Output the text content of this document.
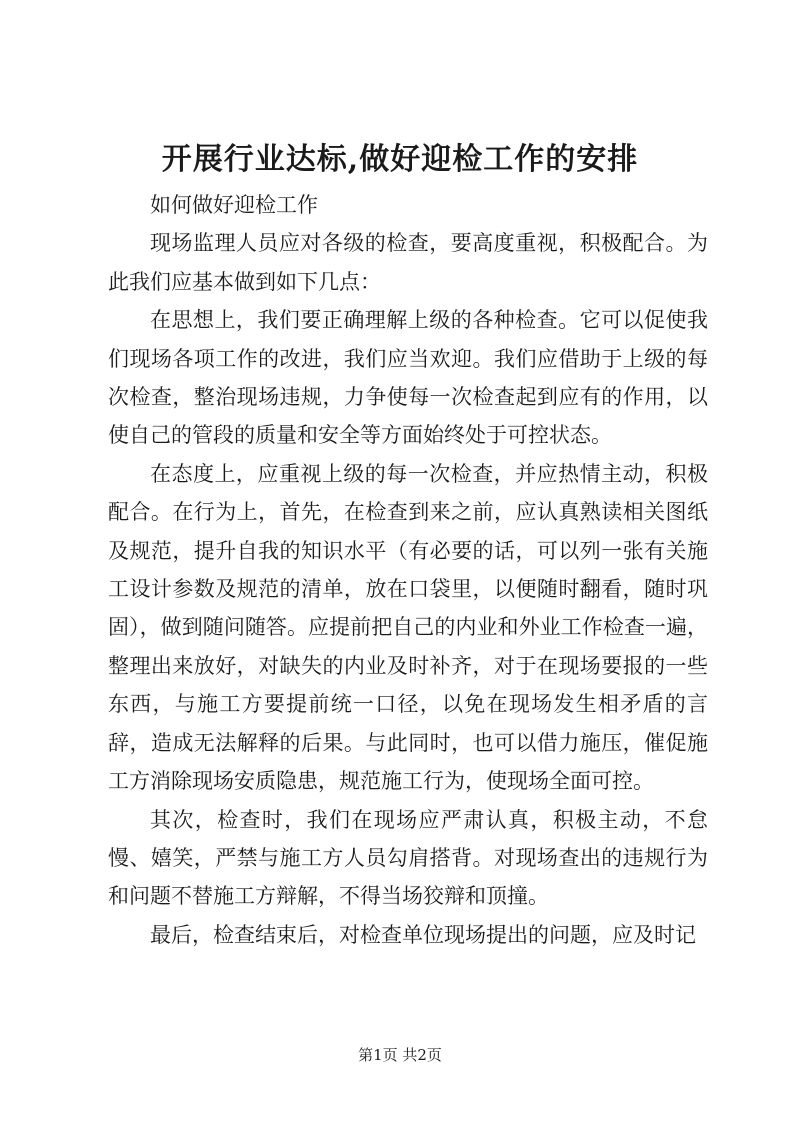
开展行业达标,做好迎检工作的安排

如何做好迎检工作

现场监理人员应对各级的检查，要高度重视，积极配合。为此我们应基本做到如下几点：

在思想上，我们要正确理解上级的各种检查。它可以促使我们现场各项工作的改进，我们应当欢迎。我们应借助于上级的每次检查，整治现场违规，力争使每一次检查起到应有的作用，以使自己的管段的质量和安全等方面始终处于可控状态。

在态度上，应重视上级的每一次检查，并应热情主动，积极配合。在行为上，首先，在检查到来之前，应认真熟读相关图纸及规范，提升自我的知识水平（有必要的话，可以列一张有关施工设计参数及规范的清单，放在口袋里，以便随时翻看，随时巩固），做到随问随答。应提前把自己的内业和外业工作检查一遍，整理出来放好，对缺失的内业及时补齐，对于在现场要报的一些东西，与施工方要提前统一口径，以免在现场发生相矛盾的言辞，造成无法解释的后果。与此同时，也可以借力施压，催促施工方消除现场安质隐患，规范施工行为，使现场全面可控。

其次，检查时，我们在现场应严肃认真，积极主动，不怠慢、嬉笑，严禁与施工方人员勾肩搭背。对现场查出的违规行为和问题不替施工方辩解，不得当场狡辩和顶撞。

最后，检查结束后，对检查单位现场提出的问题，应及时记

第1页 共2页
